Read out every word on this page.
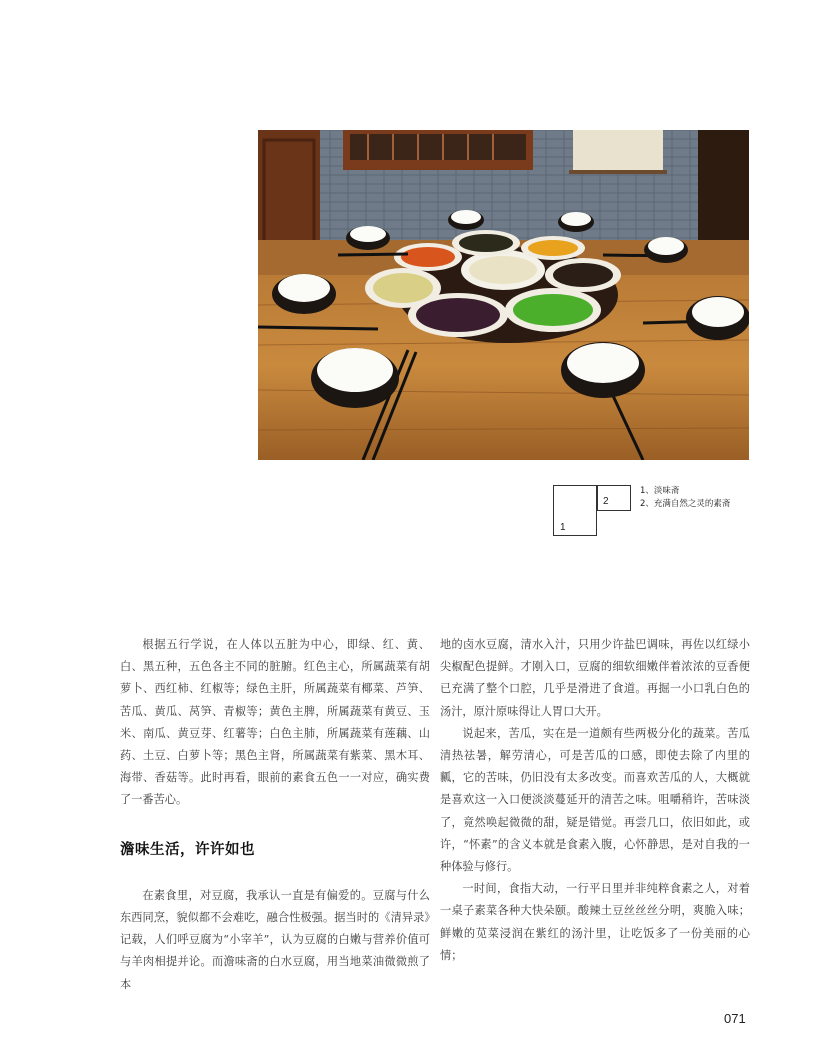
1
2
1、淡味斋
2、充满自然之灵的素斋

根据五行学说，在人体以五脏为中心，即绿、红、黄、白、黑五种，五色各主不同的脏腑。红色主心，所属蔬菜有胡萝卜、西红柿、红椒等；绿色主肝，所属蔬菜有椰菜、芦笋、苦瓜、黄瓜、莴笋、青椒等；黄色主脾，所属蔬菜有黄豆、玉米、南瓜、黄豆芽、红薯等；白色主肺，所属蔬菜有莲藕、山药、土豆、白萝卜等；黑色主肾，所属蔬菜有紫菜、黑木耳、海带、香菇等。此时再看，眼前的素食五色一一对应，确实费了一番苦心。

澹味生活，许许如也

在素食里，对豆腐，我承认一直是有偏爱的。豆腐与什么东西同烹，貌似都不会难吃，融合性极强。据当时的《清异录》记载，人们呼豆腐为“小宰羊”，认为豆腐的白嫩与营养价值可与羊肉相提并论。而澹味斋的白水豆腐，用当地菜油微微煎了本

地的卤水豆腐，清水入汁，只用少许盐巴调味，再佐以红绿小尖椒配色提鲜。才刚入口，豆腐的细软细嫩伴着浓浓的豆香便已充满了整个口腔，几乎是滑进了食道。再掘一小口乳白色的汤汁，原汁原味得让人胃口大开。

说起来，苦瓜，实在是一道颇有些两极分化的蔬菜。苦瓜清热祛暑，解劳清心，可是苦瓜的口感，即使去除了内里的瓤，它的苦味，仍旧没有太多改变。而喜欢苦瓜的人，大概就是喜欢这一入口便淡淡蔓延开的清苦之味。咀嚼稍许，苦味淡了，竟然唤起微微的甜，疑是错觉。再尝几口，依旧如此，或许，“怀素”的含义本就是食素入腹，心怀静思，是对自我的一种体验与修行。

一时间，食指大动，一行平日里并非纯粹食素之人，对着一桌子素菜各种大快朵颐。酸辣土豆丝丝丝分明，爽脆入味；鲜嫩的苋菜浸润在紫红的汤汁里，让吃饭多了一份美丽的心情；

071
